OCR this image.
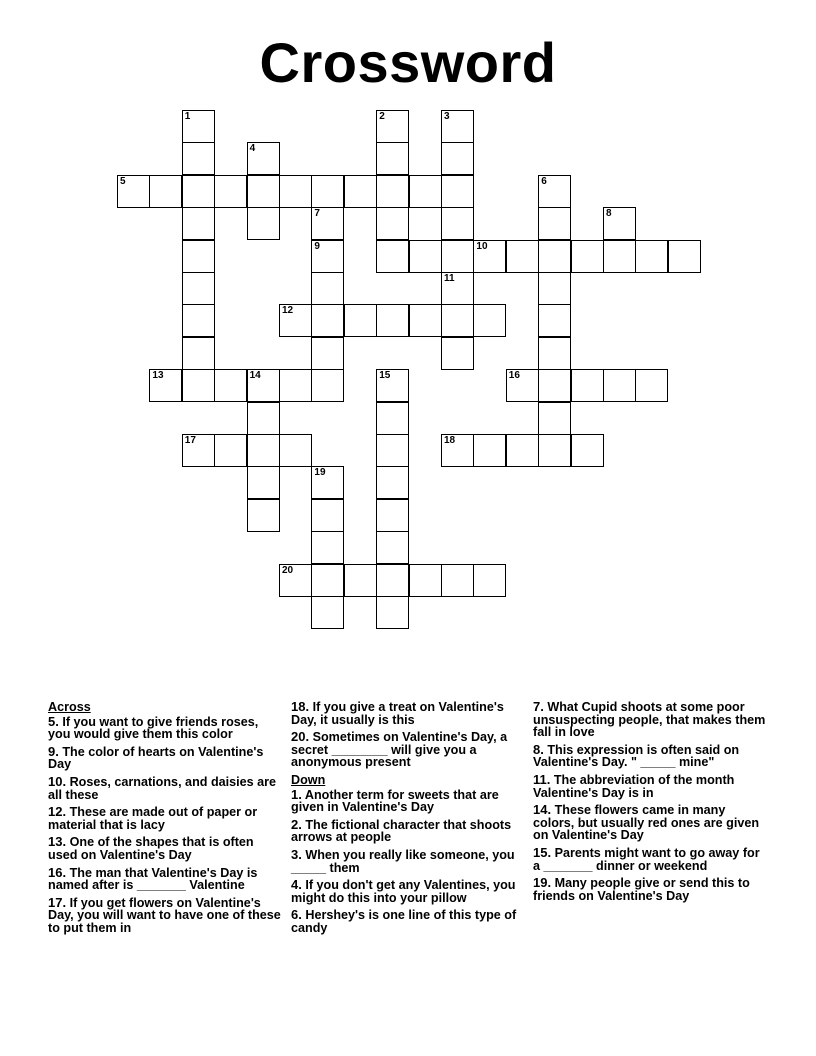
Crossword
10
12
13	14	16
17	18
20
1	2	3
11
4
6
7
9
8
15
19
5
Across
5. If you want to give friends roses, you would give them this color
9. The color of hearts on Valentine's Day
10. Roses, carnations, and daisies are all these
12. These are made out of paper or material that is lacy
13. One of the shapes that is often used on Valentine's Day
16. The man that Valentine's Day is named after is _______ Valentine
17. If you get flowers on Valentine's Day, you will want to have one of these to put them in
18. If you give a treat on Valentine's Day, it usually is this
20. Sometimes on Valentine's Day, a secret ________ will give you a anonymous present
Down
1. Another term for sweets that are given in Valentine's Day
2. The fictional character that shoots arrows at people
3. When you really like someone, you _____ them
4. If you don't get any Valentines, you might do this into your pillow
6. Hershey's is one line of this type of candy
7. What Cupid shoots at some poor unsuspecting people, that makes them fall in love
8. This expression is often said on Valentine's Day. " _____ mine"
11. The abbreviation of the month Valentine's Day is in
14. These flowers came in many colors, but usually red ones are given on Valentine's Day
15. Parents might want to go away for a _______ dinner or weekend
19. Many people give or send this to friends on Valentine's Day
